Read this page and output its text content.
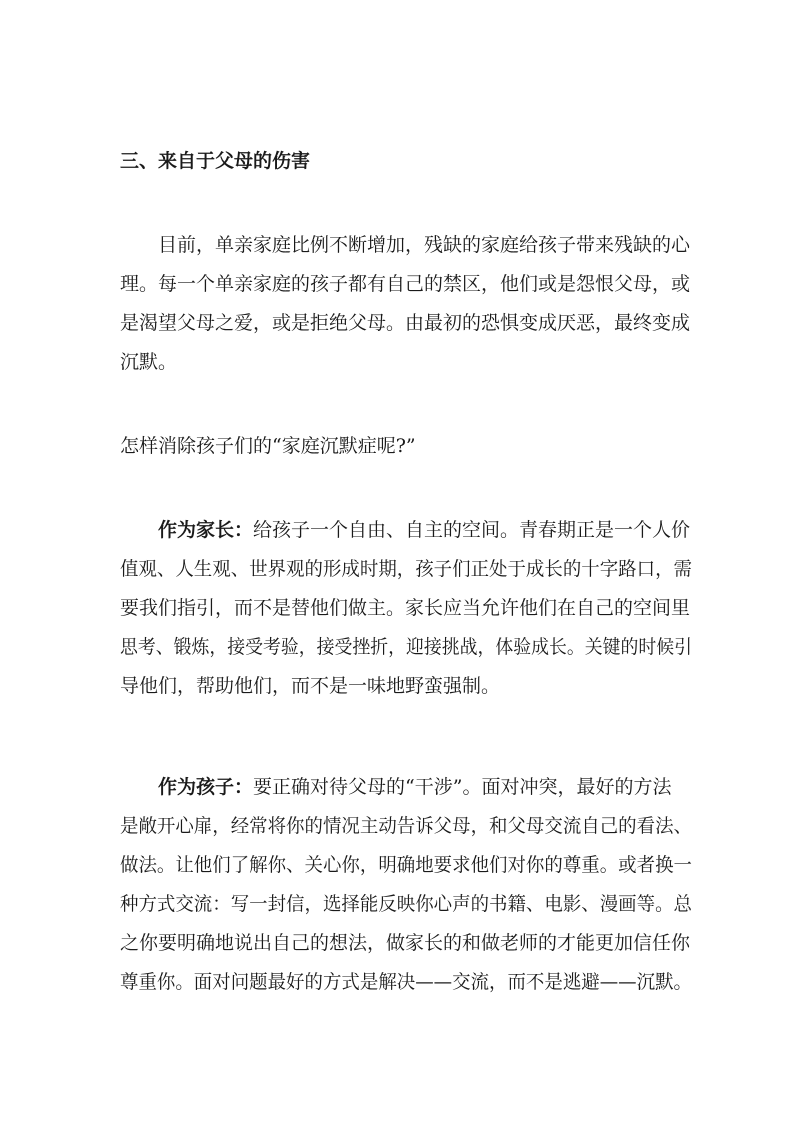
三、来自于父母的伤害
目前，单亲家庭比例不断增加，残缺的家庭给孩子带来残缺的心
理。每一个单亲家庭的孩子都有自己的禁区，他们或是怨恨父母，或
是渴望父母之爱，或是拒绝父母。由最初的恐惧变成厌恶，最终变成
沉默。
怎样消除孩子们的“家庭沉默症呢?”
作为家长：给孩子一个自由、自主的空间。青春期正是一个人价
值观、人生观、世界观的形成时期，孩子们正处于成长的十字路口，需
要我们指引，而不是替他们做主。家长应当允许他们在自己的空间里
思考、锻炼，接受考验，接受挫折，迎接挑战，体验成长。关键的时候引
导他们，帮助他们，而不是一味地野蛮强制。
作为孩子：要正确对待父母的“干涉”。面对冲突，最好的方法
是敞开心扉，经常将你的情况主动告诉父母，和父母交流自己的看法、
做法。让他们了解你、关心你，明确地要求他们对你的尊重。或者换一
种方式交流：写一封信，选择能反映你心声的书籍、电影、漫画等。总
之你要明确地说出自己的想法，做家长的和做老师的才能更加信任你
尊重你。面对问题最好的方式是解决——交流，而不是逃避——沉默。
